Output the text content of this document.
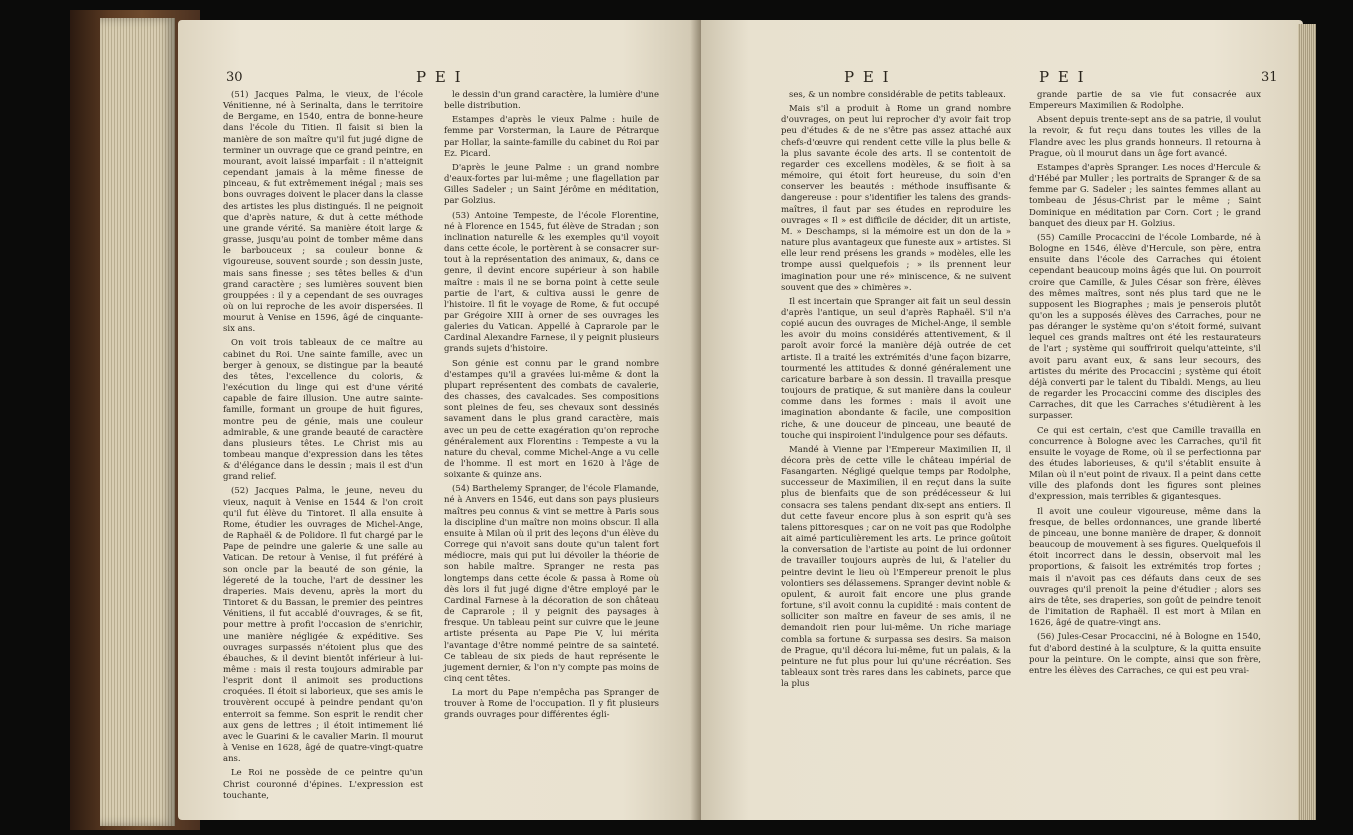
30	P E I

(51) Jacques Palma, le vieux, de l'école Vénitienne, né à Serinalta, dans le territoire de Bergame, en 1540, entra de bonne-heure dans l'école du Titien. Il faisit si bien la manière de son maître qu'il fut jugé digne de terminer un ouvrage que ce grand peintre, en mourant, avoit laissé imparfait : il n'atteignit cependant jamais à la même finesse de pinceau, & fut extrêmement inégal ; mais ses bons ouvrages doivent le placer dans la classe des artistes les plus distingués. Il ne peignoit que d'après nature, & dut à cette méthode une grande vérité. Sa manière étoit large & grasse, jusqu'au point de tomber même dans le barbouceux ; sa couleur bonne & vigoureuse, souvent sourde ; son dessin juste, mais sans finesse ; ses têtes belles & d'un grand caractère ; ses lumières souvent bien grouppées : il y a cependant de ses ouvrages où on lui reproche de les avoir dispersées. Il mourut à Venise en 1596, âgé de cinquante-six ans.

On voit trois tableaux de ce maître au cabinet du Roi. Une sainte famille, avec un berger à genoux, se distingue par la beauté des têtes, l'excellence du coloris, & l'exécution du linge qui est d'une vérité capable de faire illusion. Une autre sainte-famille, formant un groupe de huit figures, montre peu de génie, mais une couleur admirable, & une grande beauté de caractère dans plusieurs têtes. Le Christ mis au tombeau manque d'expression dans les têtes & d'élégance dans le dessin ; mais il est d'un grand relief.

(52) Jacques Palma, le jeune, neveu du vieux, naquit à Venise en 1544 & l'on croit qu'il fut élève du Tintoret. Il alla ensuite à Rome, étudier les ouvrages de Michel-Ange, de Raphaël & de Polidore. Il fut chargé par le Pape de peindre une galerie & une salle au Vatican. De retour à Venise, il fut préféré à son oncle par la beauté de son génie, la légereté de la touche, l'art de dessiner les draperies. Mais devenu, après la mort du Tintoret & du Bassan, le premier des peintres Vénitiens, il fut accablé d'ouvrages, & se fit, pour mettre à profit l'occasion de s'enrichir, une manière négligée & expéditive. Ses ouvrages surpassés n'étoient plus que des ébauches, & il devint bientôt inférieur à lui-même : mais il resta toujours admirable par l'esprit dont il animoit ses productions croquées. Il étoit si laborieux, que ses amis le trouvèrent occupé à peindre pendant qu'on enterroit sa femme. Son esprit le rendit cher aux gens de lettres ; il étoit intimement lié avec le Guarini & le cavalier Marin. Il mourut à Venise en 1628, âgé de quatre-vingt-quatre ans.

Le Roi ne possède de ce peintre qu'un Christ couronné d'épines. L'expression est touchante,

le dessin d'un grand caractère, la lumière d'une belle distribution.

Estampes d'après le vieux Palme : huile de femme par Vorsterman, la Laure de Pétrarque par Hollar, la sainte-famille du cabinet du Roi par Ez. Picard.

D'après le jeune Palme : un grand nombre d'eaux-fortes par lui-même ; une flagellation par Gilles Sadeler ; un Saint Jérôme en méditation, par Golzius.

(53) Antoine Tempeste, de l'école Florentine, né à Florence en 1545, fut élève de Stradan ; son inclination naturelle & les exemples qu'il voyoit dans cette école, le portèrent à se consacrer sur-tout à la représentation des animaux, &, dans ce genre, il devint encore supérieur à son habile maître : mais il ne se borna point à cette seule partie de l'art, & cultiva aussi le genre de l'histoire. Il fit le voyage de Rome, & fut occupé par Grégoire XIII à orner de ses ouvrages les galeries du Vatican. Appellé à Caprarole par le Cardinal Alexandre Farnese, il y peignit plusieurs grands sujets d'histoire.

Son génie est connu par le grand nombre d'estampes qu'il a gravées lui-même & dont la plupart représentent des combats de cavalerie, des chasses, des cavalcades. Ses compositions sont pleines de feu, ses chevaux sont dessinés savament dans le plus grand caractère, mais avec un peu de cette exagération qu'on reproche généralement aux Florentins : Tempeste a vu la nature du cheval, comme Michel-Ange a vu celle de l'homme. Il est mort en 1620 à l'âge de soixante & quinze ans.

(54) Barthelemy Spranger, de l'école Flamande, né à Anvers en 1546, eut dans son pays plusieurs maîtres peu connus & vint se mettre à Paris sous la discipline d'un maître non moins obscur. Il alla ensuite à Milan où il prit des leçons d'un élève du Correge qui n'avoit sans doute qu'un talent fort médiocre, mais qui put lui dévoiler la théorie de son habile maître. Spranger ne resta pas longtemps dans cette école & passa à Rome où dès lors il fut jugé digne d'être employé par le Cardinal Farnese à la décoration de son château de Caprarole ; il y peignit des paysages à fresque. Un tableau peint sur cuivre que le jeune artiste présenta au Pape Pie V, lui mérita l'avantage d'être nommé peintre de sa sainteté. Ce tableau de six pieds de haut représente le jugement dernier, & l'on n'y compte pas moins de cinq cent têtes.

La mort du Pape n'empêcha pas Spranger de trouver à Rome de l'occupation. Il y fit plusieurs grands ouvrages pour différentes égli-

P E I	P E I	31

ses, & un nombre considérable de petits tableaux.

Mais s'il a produit à Rome un grand nombre d'ouvrages, on peut lui reprocher d'y avoir fait trop peu d'études & de ne s'être pas assez attaché aux chefs-d'œuvre qui rendent cette ville la plus belle & la plus savante école des arts. Il se contentoit de regarder ces excellens modèles, & se fioit à sa mémoire, qui étoit fort heureuse, du soin d'en conserver les beautés : méthode insuffisante & dangereuse : pour s'identifier les talens des grands-maîtres, il faut par ses études en reproduire les ouvrages « Il » est difficile de décider, dit un artiste, M. » Deschamps, si la mémoire est un don de la » nature plus avantageux que funeste aux » artistes. Si elle leur rend présens les grands » modèles, elle les trompe aussi quelquefois ; » ils prennent leur imagination pour une ré» miniscence, & ne suivent souvent que des » chimères ».

Il est incertain que Spranger ait fait un seul dessin d'après l'antique, un seul d'après Raphaël. S'il n'a copié aucun des ouvrages de Michel-Ange, il semble les avoir du moins considérés attentivement, & il paroît avoir forcé la manière déjà outrée de cet artiste. Il a traité les extrémités d'une façon bizarre, tourmenté les attitudes & donné généralement une caricature barbare à son dessin. Il travailla presque toujours de pratique, & sut manière dans la couleur comme dans les formes : mais il avoit une imagination abondante & facile, une composition riche, & une douceur de pinceau, une beauté de touche qui inspiroient l'indulgence pour ses défauts.

Mandé à Vienne par l'Empereur Maximilien II, il décora près de cette ville le château impérial de Fasangarten. Négligé quelque temps par Rodolphe, successeur de Maximilien, il en reçut dans la suite plus de bienfaits que de son prédécesseur & lui consacra ses talens pendant dix-sept ans entiers. Il dut cette faveur encore plus à son esprit qu'à ses talens pittoresques ; car on ne voit pas que Rodolphe ait aimé particulièrement les arts. Le prince goûtoit la conversation de l'artiste au point de lui ordonner de travailler toujours auprès de lui, & l'atelier du peintre devint le lieu où l'Empereur prenoit le plus volontiers ses délassemens. Spranger devint noble & opulent, & auroit fait encore une plus grande fortune, s'il avoit connu la cupidité : mais content de solliciter son maître en faveur de ses amis, il ne demandoit rien pour lui-même. Un riche mariage combla sa fortune & surpassa ses desirs. Sa maison de Prague, qu'il décora lui-même, fut un palais, & la peinture ne fut plus pour lui qu'une récréation. Ses tableaux sont très rares dans les cabinets, parce que la plus

grande partie de sa vie fut consacrée aux Empereurs Maximilien & Rodolphe.

Absent depuis trente-sept ans de sa patrie, il voulut la revoir, & fut reçu dans toutes les villes de la Flandre avec les plus grands honneurs. Il retourna à Prague, où il mourut dans un âge fort avancé.

Estampes d'après Spranger. Les noces d'Hercule & d'Hébé par Muller ; les portraits de Spranger & de sa femme par G. Sadeler ; les saintes femmes allant au tombeau de Jésus-Christ par le même ; Saint Dominique en méditation par Corn. Cort ; le grand banquet des dieux par H. Golzius.

(55) Camille Procaccini de l'école Lombarde, né à Bologne en 1546, élève d'Hercule, son père, entra ensuite dans l'école des Carraches qui étoient cependant beaucoup moins âgés que lui. On pourroit croire que Camille, & Jules César son frère, élèves des mêmes maîtres, sont nés plus tard que ne le supposent les Biographes ; mais je penserois plutôt qu'on les a supposés élèves des Carraches, pour ne pas déranger le système qu'on s'étoit formé, suivant lequel ces grands maîtres ont été les restaurateurs de l'art ; système qui souffriroit quelqu'atteinte, s'il avoit paru avant eux, & sans leur secours, des artistes du mérite des Procaccini ; système qui étoit déjà converti par le talent du Tibaldi. Mengs, au lieu de regarder les Procaccini comme des disciples des Carraches, dit que les Carraches s'étudièrent à les surpasser.

Ce qui est certain, c'est que Camille travailla en concurrence à Bologne avec les Carraches, qu'il fit ensuite le voyage de Rome, où il se perfectionna par des études laborieuses, & qu'il s'établit ensuite à Milan où il n'eut point de rivaux. Il a peint dans cette ville des plafonds dont les figures sont pleines d'expression, mais terribles & gigantesques.

Il avoit une couleur vigoureuse, même dans la fresque, de belles ordonnances, une grande liberté de pinceau, une bonne manière de draper, & donnoit beaucoup de mouvement à ses figures. Quelquefois il étoit incorrect dans le dessin, observoit mal les proportions, & faisoit les extrémités trop fortes ; mais il n'avoit pas ces défauts dans ceux de ses ouvrages qu'il prenoit la peine d'étudier ; alors ses airs de tête, ses draperies, son goût de peindre tenoit de l'imitation de Raphaël. Il est mort à Milan en 1626, âgé de quatre-vingt ans.

(56) Jules-Cesar Procaccini, né à Bologne en 1540, fut d'abord destiné à la sculpture, & la quitta ensuite pour la peinture. On le compte, ainsi que son frère, entre les élèves des Carraches, ce qui est peu vrai-
